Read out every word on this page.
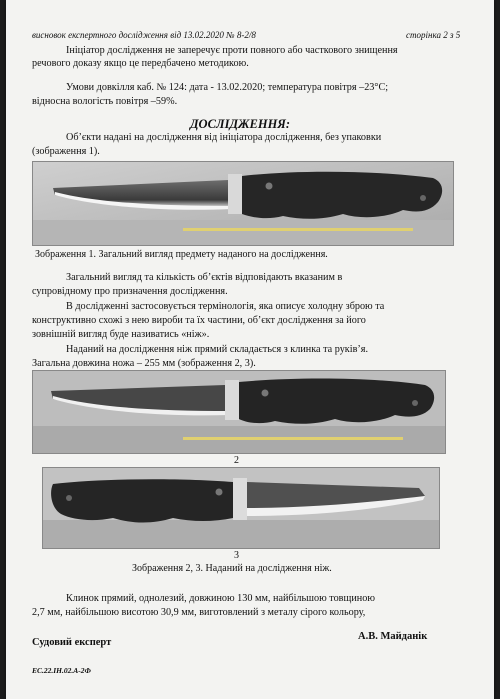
висновок експертного дослідження від 13.02.2020 № 8-2/8	сторінка 2 з 5
Ініціатор дослідження не заперечує проти повного або часткового знищення
речового доказу якщо це передбачено методикою.
Умови довкілля каб. № 124: дата - 13.02.2020; температура повітря –23°С;
відносна вологість повітря –59%.
ДОСЛІДЖЕННЯ:
Об’єкти надані на дослідження від ініціатора дослідження, без упаковки
(зображення 1).
Зображення 1. Загальний вигляд предмету наданого на дослідження.
Загальний вигляд та кількість об’єктів відповідають вказаним в
супровідному про призначення дослідження.
В дослідженні застосовується термінологія, яка описує холодну зброю та
конструктивно схожі з нею вироби та їх частини, об’єкт дослідження за його
зовнішній вигляд буде називатись «ніж».
Наданий на дослідження ніж прямий складається з клинка та руків’я.
Загальна довжина ножа – 255 мм (зображення 2, 3).
2
3
Зображення 2, 3. Наданий на дослідження ніж.
Клинок прямий, однолезий, довжиною 130 мм, найбільшою товщиною
2,7 мм, найбільшою висотою 30,9 мм, виготовлений з металу сірого кольору,
Судовий експерт
А.В. Майданік
ЕС.22.ІН.02.А-2Ф
